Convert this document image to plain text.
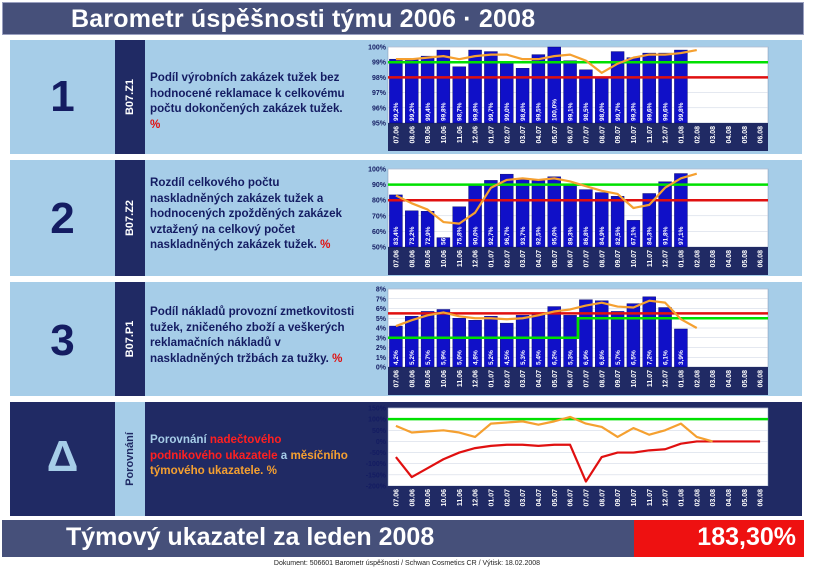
Barometr úspěšnosti týmu 2006 · 2008
1	B07.Z1
Podíl výrobních zakázek tužek bez hodnocené reklamace k celkovému počtu dokončených zakázek tužek. %	95%
96%
97%
98%
99%
100%
07.06 08.06 09.06 10.06 11.06 12.06 01.07 02.07 03.07 04.07 05.07 06.07 07.07 08.07 09.07 10.07 11.07 12.07 01.08 02.08 03.08 04.08 05.08 06.08
99,2% 99,2% 99,4% 99,8% 98,7% 99,8% 99,7% 99,0% 98,6% 99,5% 100,0% 99,1% 98,5% 98,0% 99,7% 99,3% 99,6% 99,6% 99,8%
2	B07.Z2
Rozdíl celkového počtu naskladněných zakázek tužek a hodnocených zpožděných zakázek vztažený na celkový počet naskladněných zakázek tužek. %	50%
60%
70%
80%
90%
100%
07.06 08.06 09.06 10.06 11.06 12.06 01.07 02.07 03.07 04.07 05.07 06.07 07.07 08.07 09.07 10.07 11.07 12.07 01.08 02.08 03.08 04.08 05.08 06.08
83,4% 73,2% 72,9% 56% 75,8% 90,0% 92,7% 96,7% 93,7% 92,5% 95,0% 89,3% 86,8% 84,9% 82,5% 67,1% 84,3% 91,8% 97,1%
3	B07.P1
Podíl nákladů provozní zmetkovitosti tužek, zničeného zboží a veškerých reklamačních nákladů v naskladněných tržbách za tužky. %
0%
1%
2%
3%
4%
5%
6%
7%
8%
07.06 08.06 09.06 10.06 11.06 12.06 01.07 02.07 03.07 04.07 05.07 06.07 07.07 08.07 09.07 10.07 11.07 12.07 01.08 02.08 03.08 04.08 05.08 06.08
4,2% 5,2% 5,7% 5,9% 5,0% 4,8% 5,2% 4,5% 5,3% 5,4% 6,2% 5,3% 6,9% 6,8% 5,7% 6,5% 7,2% 6,1% 3,9%
Δ	Porovnání Porovnání nadečtového podnikového ukazatele a měsíčního týmového ukazatele. %
-200%
-150%
-100%
-50%
0%
50%
100%
150%
07.06 08.06 09.06 10.06 11.06 12.06 01.07 02.07 03.07 04.07 05.07 06.07 07.07 08.07 09.07 10.07 11.07 12.07 01.08 02.08 03.08 04.08 05.08 06.08
Týmový ukazatel za leden 2008	183,30%
Dokument: 506601 Barometr úspěšnosti / Schwan Cosmetics CR / Výtisk: 18.02.2008
